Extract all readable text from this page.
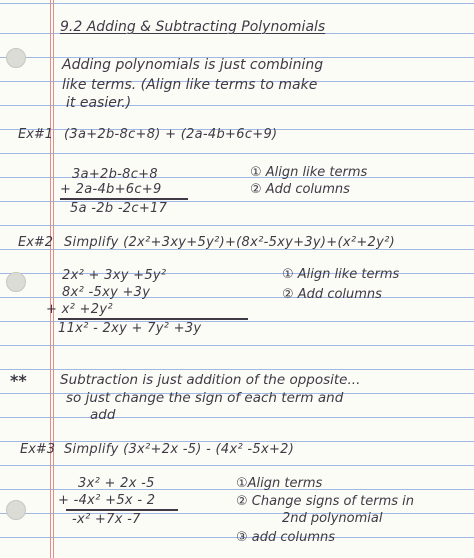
9.2 Adding & Subtracting Polynomials
Adding polynomials is just combining
like terms. (Align like terms to make
it easier.)
Ex#1 (3a+2b-8c+8) + (2a-4b+6c+9)
3a+2b-8c+8
+ 2a-4b+6c+9
5a -2b -2c+17
① Align like terms
② Add columns
Ex#2 Simplify (2x²+3xy+5y²)+(8x²-5xy+3y)+(x²+2y²)
2x² + 3xy +5y²
8x² -5xy +3y
+ x² +2y²
11x² - 2xy + 7y² +3y
① Align like terms
② Add columns
** Subtraction is just addition of the opposite...
so just change the sign of each term and
add
Ex#3 Simplify (3x²+2x -5) - (4x² -5x+2)
3x² + 2x -5
+ -4x² +5x - 2
-x² +7x -7
①Align terms
② Change signs of terms in
2nd polynomial
③ add columns
